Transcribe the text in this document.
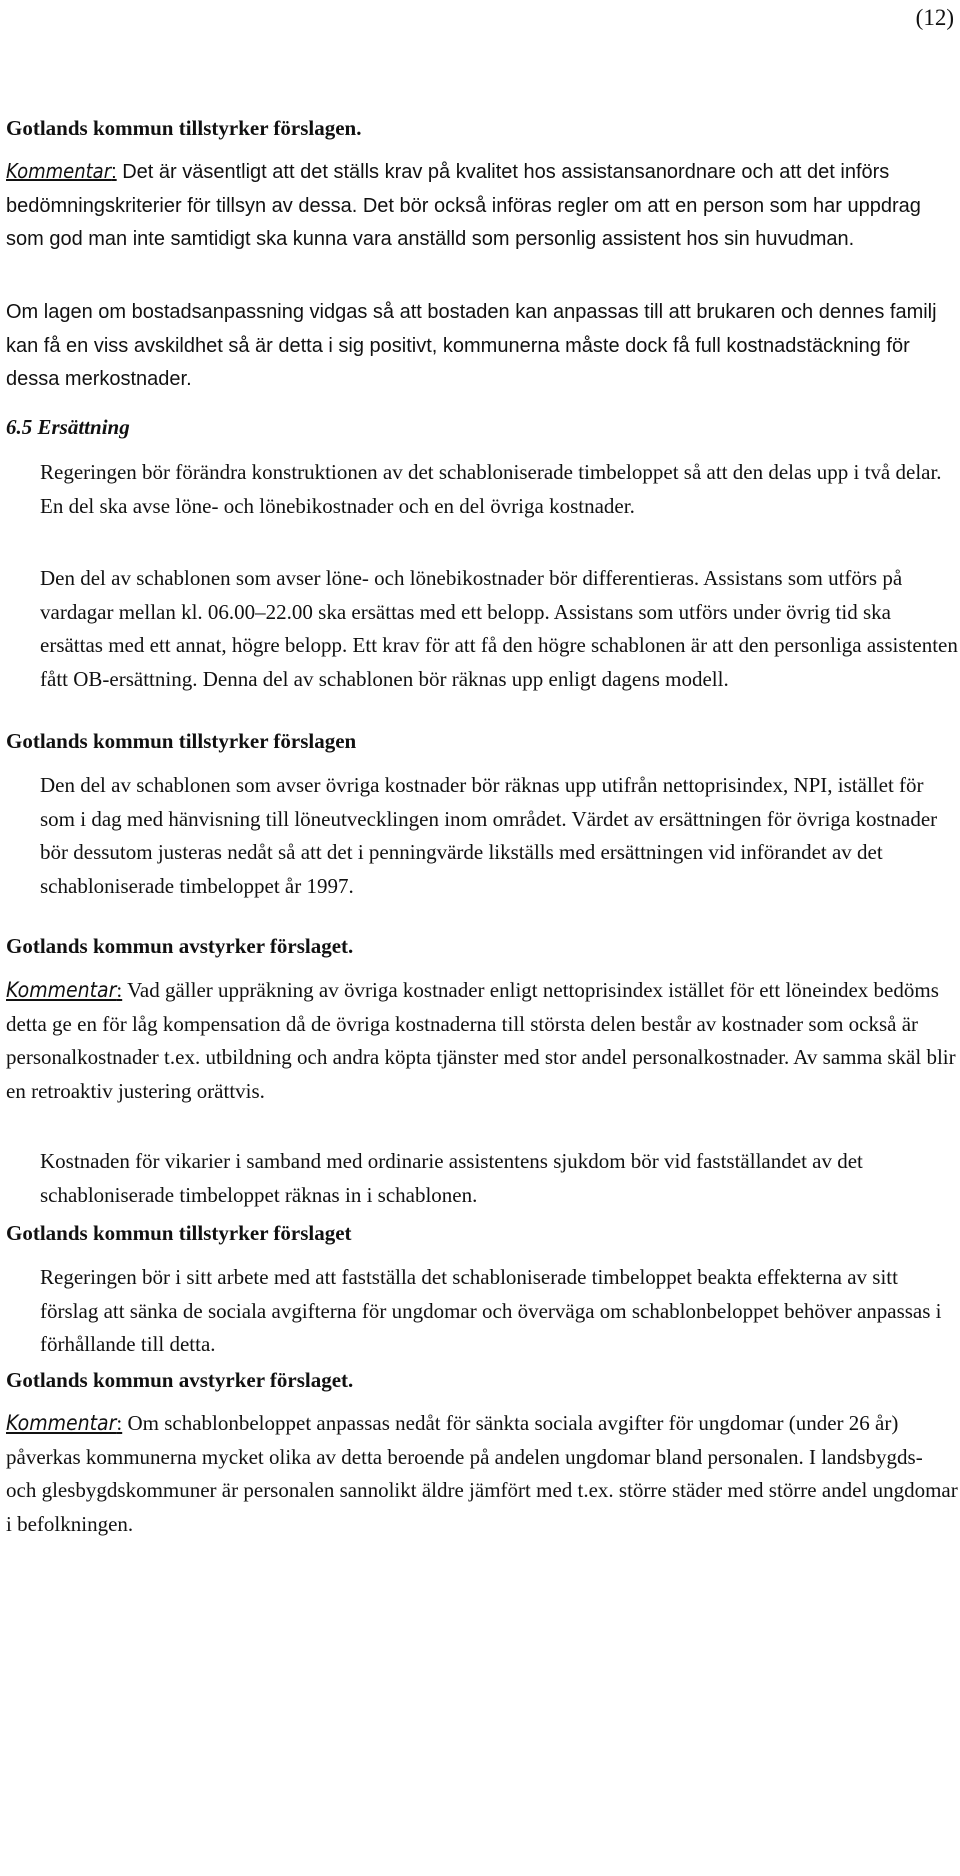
(12)

Gotlands kommun tillstyrker förslagen.

Kommentar: Det är väsentligt att det ställs krav på kvalitet hos assistansanordnare och att det införs bedömningskriterier för tillsyn av dessa. Det bör också införas regler om att en person som har uppdrag som god man inte samtidigt ska kunna vara anställd som personlig assistent hos sin huvudman.

Om lagen om bostadsanpassning vidgas så att bostaden kan anpassas till att brukaren och dennes familj kan få en viss avskildhet så är detta i sig positivt, kommunerna måste dock få full kostnadstäckning för dessa merkostnader.

6.5 Ersättning

Regeringen bör förändra konstruktionen av det schabloniserade timbeloppet så att den delas upp i två delar. En del ska avse löne- och lönebikostnader och en del övriga kostnader.

Den del av schablonen som avser löne- och lönebikostnader bör differentieras. Assistans som utförs på vardagar mellan kl. 06.00–22.00 ska ersättas med ett belopp. Assistans som utförs under övrig tid ska ersättas med ett annat, högre belopp. Ett krav för att få den högre schablonen är att den personliga assistenten fått OB-ersättning. Denna del av schablonen bör räknas upp enligt dagens modell.

Gotlands kommun tillstyrker förslagen

Den del av schablonen som avser övriga kostnader bör räknas upp utifrån nettoprisindex, NPI, istället för som i dag med hänvisning till löneutvecklingen inom området. Värdet av ersättningen för övriga kostnader bör dessutom justeras nedåt så att det i penningvärde likställs med ersättningen vid införandet av det schabloniserade timbeloppet år 1997.

Gotlands kommun avstyrker förslaget.

Kommentar: Vad gäller uppräkning av övriga kostnader enligt nettoprisindex istället för ett löneindex bedöms detta ge en för låg kompensation då de övriga kostnaderna till största delen består av kostnader som också är personalkostnader t.ex. utbildning och andra köpta tjänster med stor andel personalkostnader. Av samma skäl blir en retroaktiv justering orättvis.

Kostnaden för vikarier i samband med ordinarie assistentens sjukdom bör vid fastställandet av det schabloniserade timbeloppet räknas in i schablonen.

Gotlands kommun tillstyrker förslaget

Regeringen bör i sitt arbete med att fastställa det schabloniserade timbeloppet beakta effekterna av sitt förslag att sänka de sociala avgifterna för ungdomar och överväga om schablonbeloppet behöver anpassas i förhållande till detta.

Gotlands kommun avstyrker förslaget.

Kommentar: Om schablonbeloppet anpassas nedåt för sänkta sociala avgifter för ungdomar (under 26 år) påverkas kommunerna mycket olika av detta beroende på andelen ungdomar bland personalen. I landsbygds- och glesbygdskommuner är personalen sannolikt äldre jämfört med t.ex. större städer med större andel ungdomar i befolkningen.
